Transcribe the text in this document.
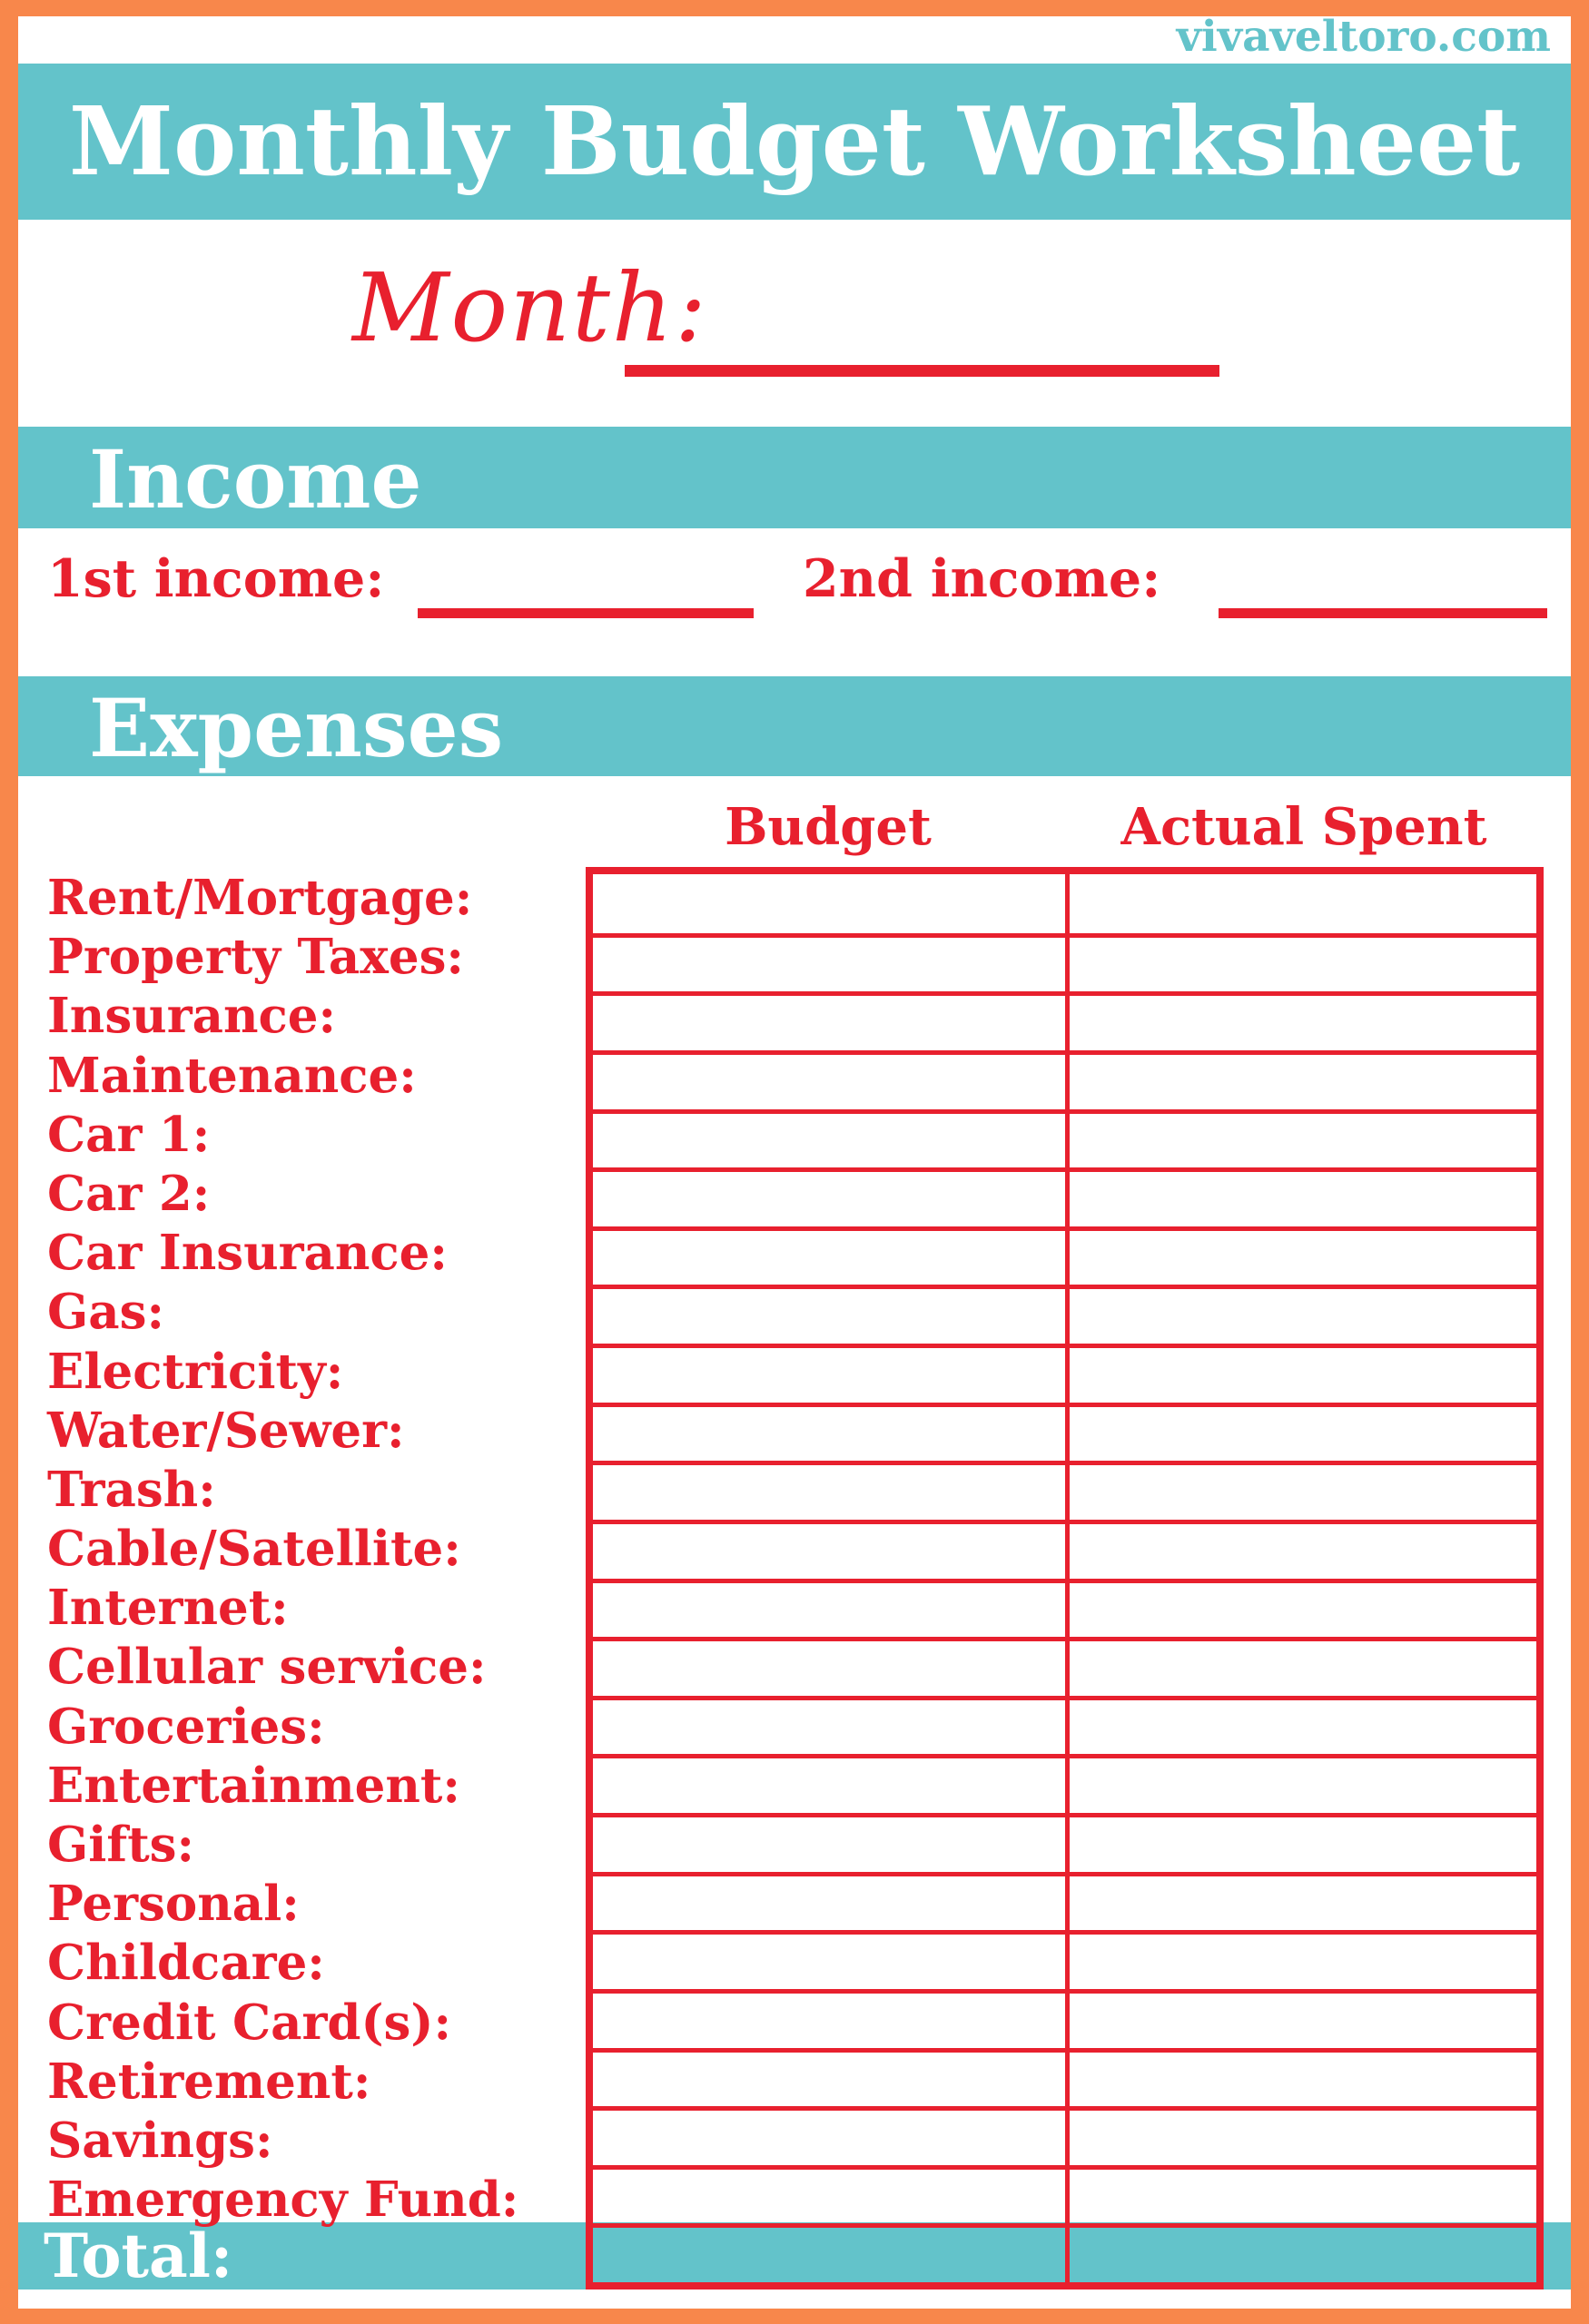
vivaveltoro.com
Monthly Budget Worksheet
Month:
Income
1st income:	2nd income:
Expenses
Budget	Actual Spent
Rent/Mortgage:
Property Taxes:
Insurance:
Maintenance:
Car 1:
Car 2:
Car Insurance:
Gas:
Electricity:
Water/Sewer:
Trash:
Cable/Satellite:
Internet:
Cellular service:
Groceries:
Entertainment:
Gifts:
Personal:
Childcare:
Credit Card(s):
Retirement:
Savings:
Emergency Fund:
Total:
